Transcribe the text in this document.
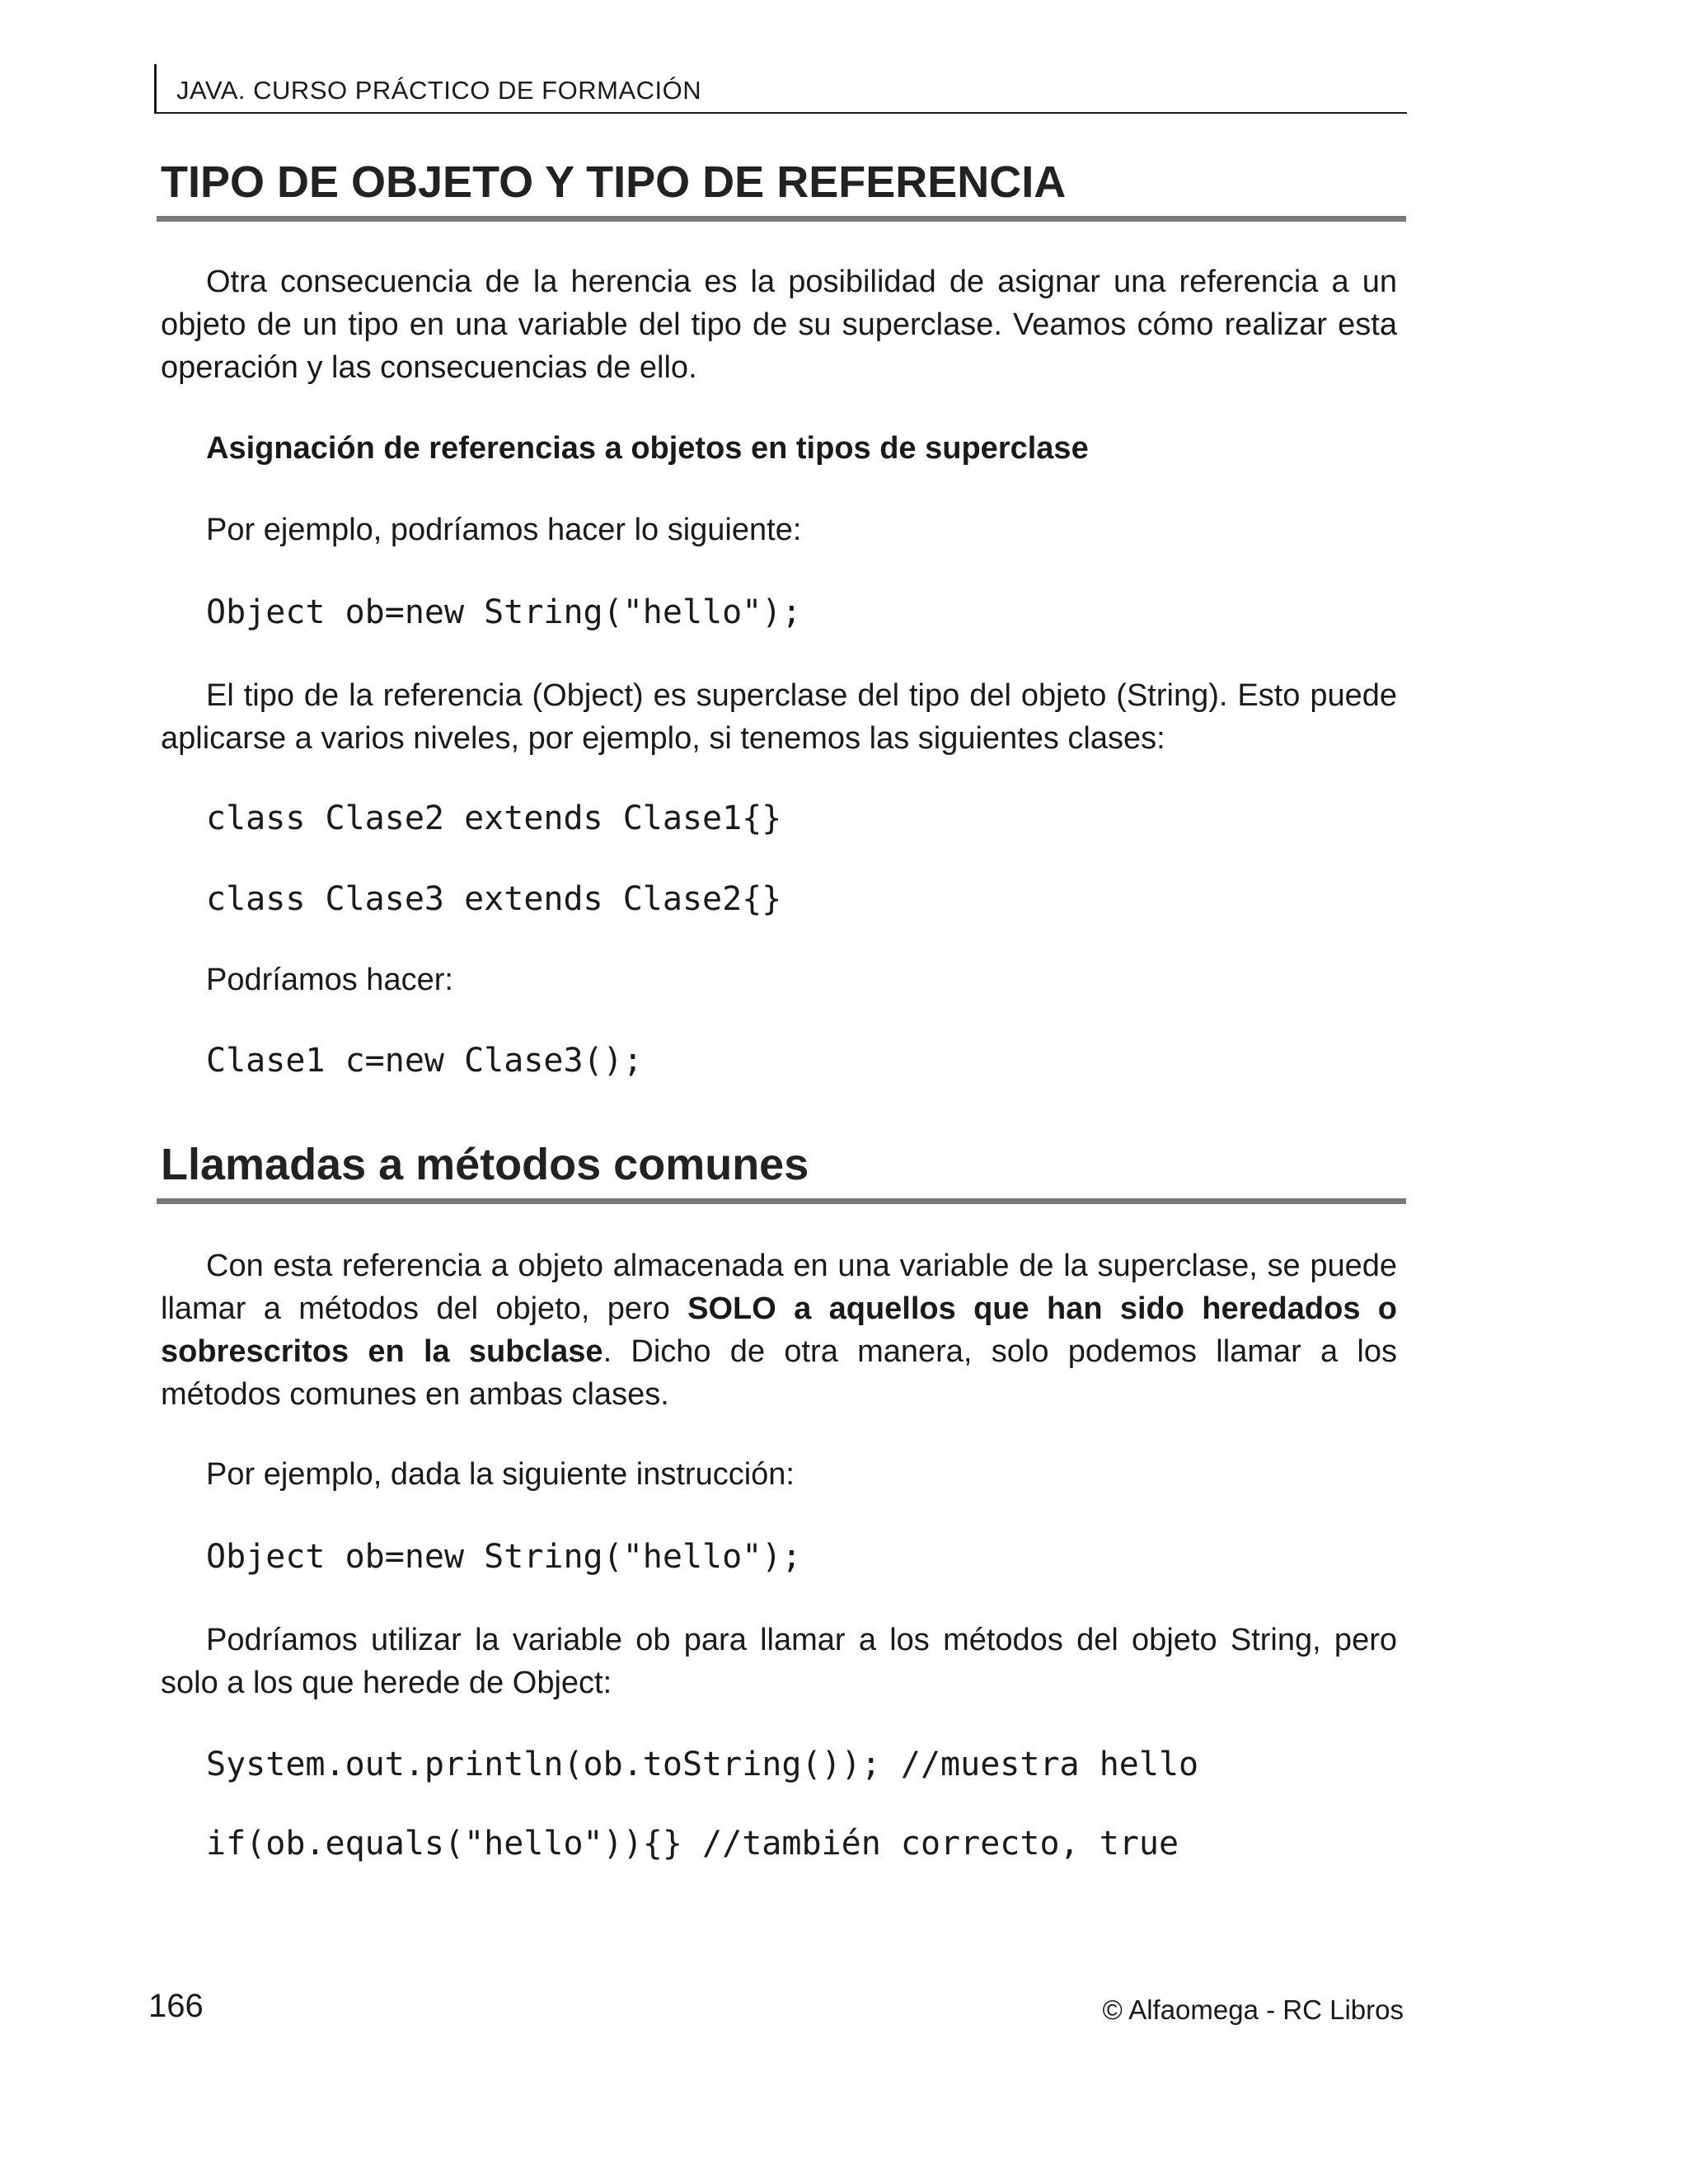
JAVA. CURSO PRÁCTICO DE FORMACIÓN
TIPO DE OBJETO Y TIPO DE REFERENCIA

Otra consecuencia de la herencia es la posibilidad de asignar una referencia a un objeto de un tipo en una variable del tipo de su superclase. Veamos cómo realizar esta operación y las consecuencias de ello.

Asignación de referencias a objetos en tipos de superclase

Por ejemplo, podríamos hacer lo siguiente:

Object ob=new String("hello");

El tipo de la referencia (Object) es superclase del tipo del objeto (String). Esto puede aplicarse a varios niveles, por ejemplo, si tenemos las siguientes clases:

class Clase2 extends Clase1{}

class Clase3 extends Clase2{}

Podríamos hacer:

Clase1 c=new Clase3();

Llamadas a métodos comunes

Con esta referencia a objeto almacenada en una variable de la superclase, se puede llamar a métodos del objeto, pero SOLO a aquellos que han sido heredados o sobrescritos en la subclase. Dicho de otra manera, solo podemos llamar a los métodos comunes en ambas clases.

Por ejemplo, dada la siguiente instrucción:

Object ob=new String("hello");

Podríamos utilizar la variable ob para llamar a los métodos del objeto String, pero solo a los que herede de Object:

System.out.println(ob.toString()); //muestra hello

if(ob.equals("hello")){} //también correcto, true

166	© Alfaomega - RC Libros
